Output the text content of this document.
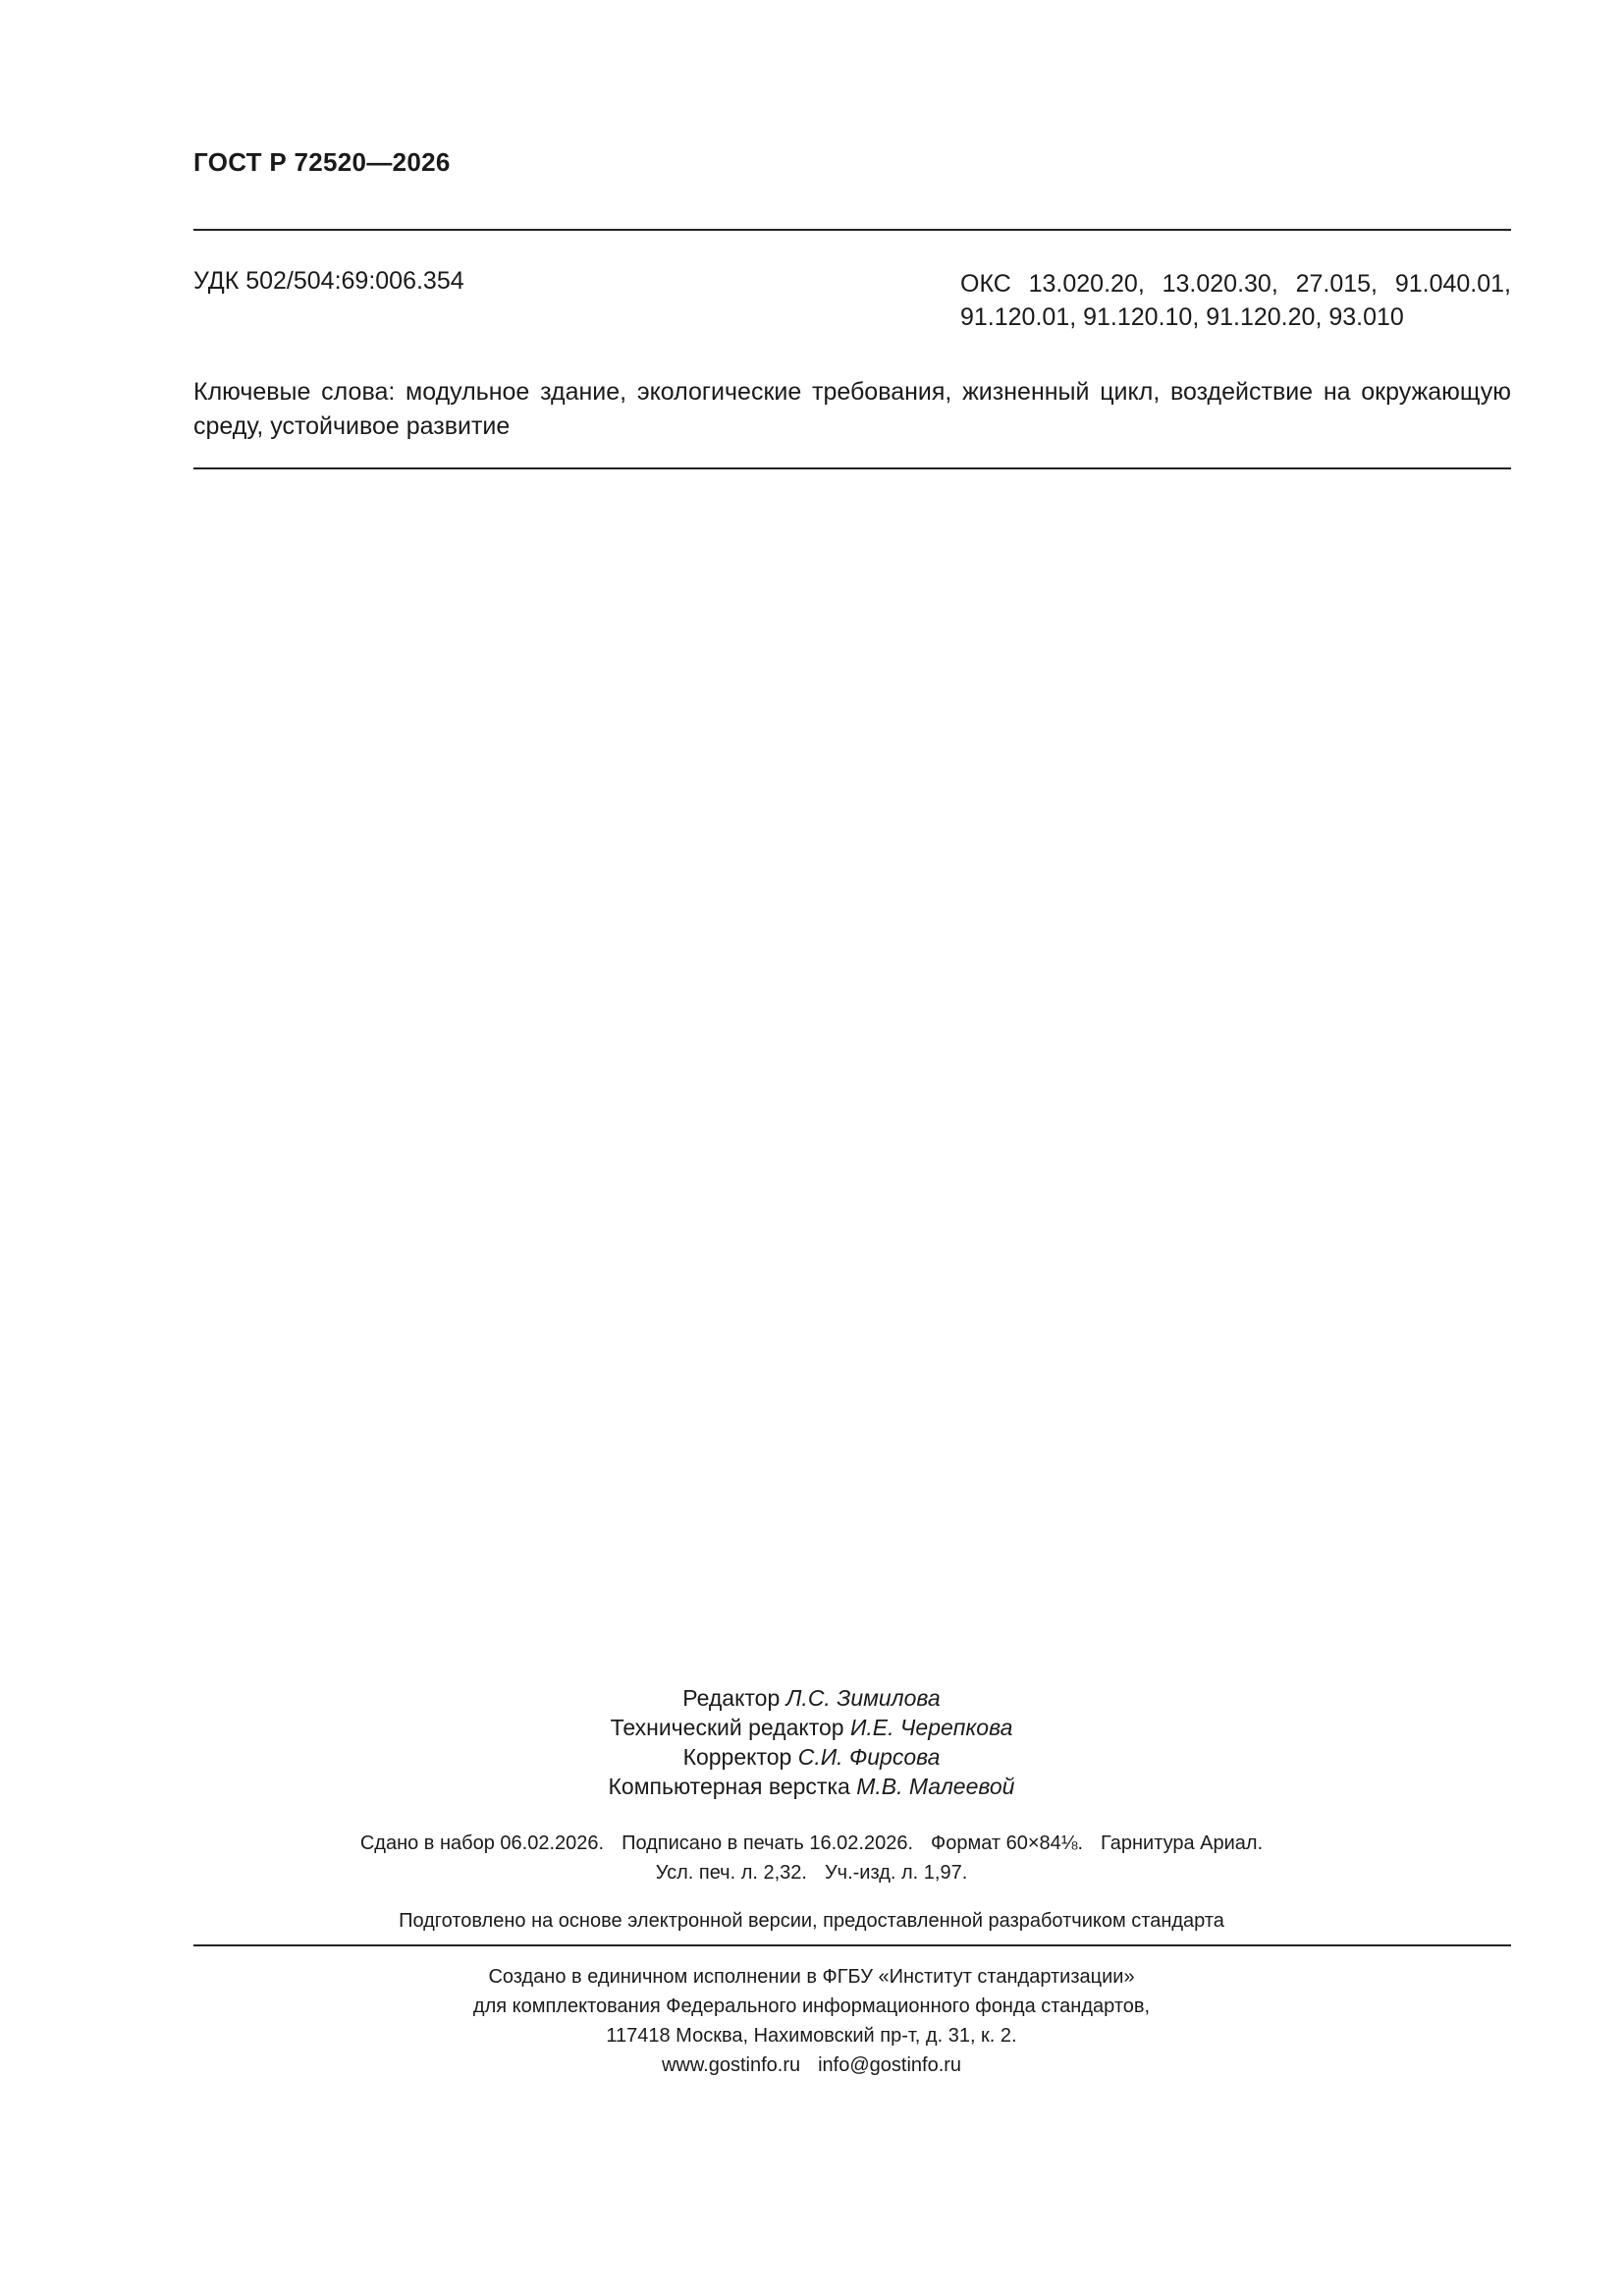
ГОСТ Р 72520—2026
УДК 502/504:69:006.354	ОКС 13.020.20, 13.020.30, 27.015, 91.040.01,
91.120.01, 91.120.10, 91.120.20, 93.010
Ключевые слова: модульное здание, экологические требования, жизненный цикл, воздействие на окружающую среду, устойчивое развитие
Редактор Л.С. Зимилова
Технический редактор И.Е. Черепкова
Корректор С.И. Фирсова
Компьютерная верстка М.В. Малеевой
Сдано в набор 06.02.2026. Подписано в печать 16.02.2026. Формат 60×84⅛. Гарнитура Ариал.
Усл. печ. л. 2,32. Уч.-изд. л. 1,97.
Подготовлено на основе электронной версии, предоставленной разработчиком стандарта
Создано в единичном исполнении в ФГБУ «Институт стандартизации»
для комплектования Федерального информационного фонда стандартов,
117418 Москва, Нахимовский пр-т, д. 31, к. 2.
www.gostinfo.ru info@gostinfo.ru
